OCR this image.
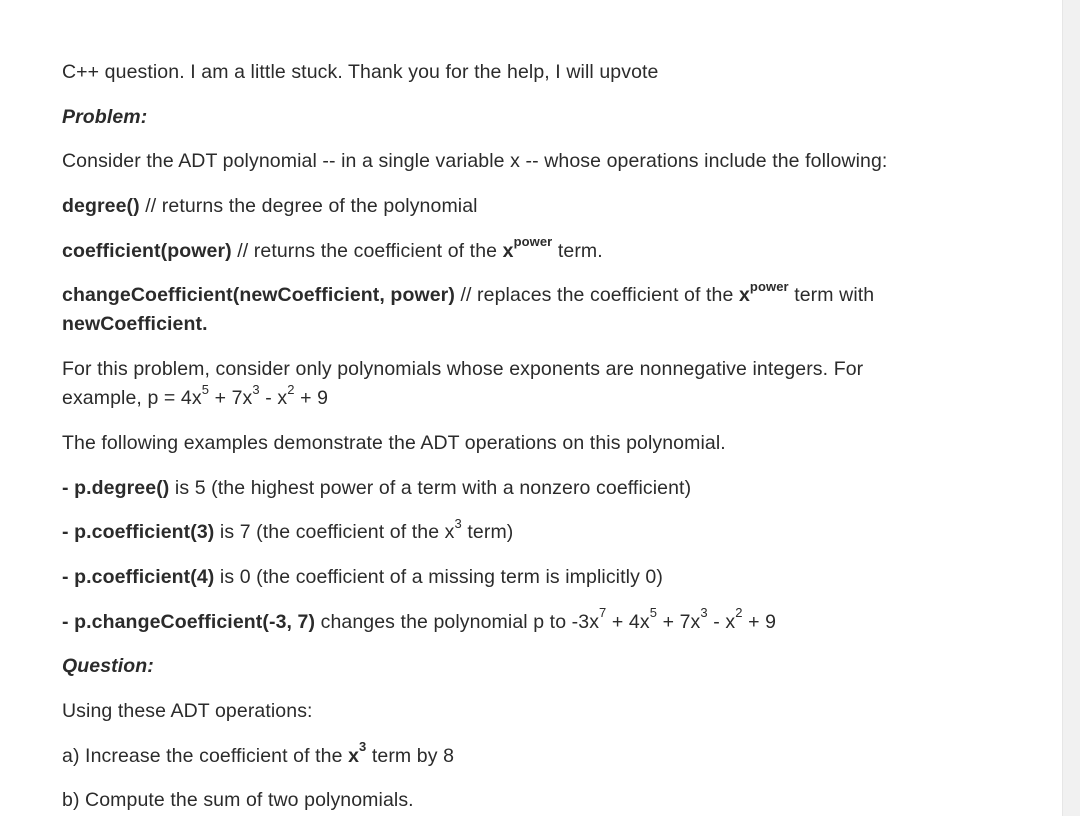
C++ question. I am a little stuck. Thank you for the help, I will upvote

Problem:

Consider the ADT polynomial -- in a single variable x -- whose operations include the following:

degree() // returns the degree of the polynomial

coefficient(power) // returns the coefficient of the $x^{power}$ term.

changeCoefficient(newCoefficient, power) // replaces the coefficient of the $x^{power}$ term with
newCoefficient.

For this problem, consider only polynomials whose exponents are nonnegative integers. For
example, $p = 4x^5 + 7x^3 - x^2 + 9$

The following examples demonstrate the ADT operations on this polynomial.

- p.degree() is 5 (the highest power of a term with a nonzero coefficient)

- p.coefficient(3) is 7 (the coefficient of the $x^3$ term)

- p.coefficient(4) is 0 (the coefficient of a missing term is implicitly 0)

- p.changeCoefficient(-3, 7) changes the polynomial p to $-3x^7 + 4x^5 + 7x^3 - x^2 + 9$

Question:

Using these ADT operations:

a) Increase the coefficient of the $x^3$ term by 8

b) Compute the sum of two polynomials.
